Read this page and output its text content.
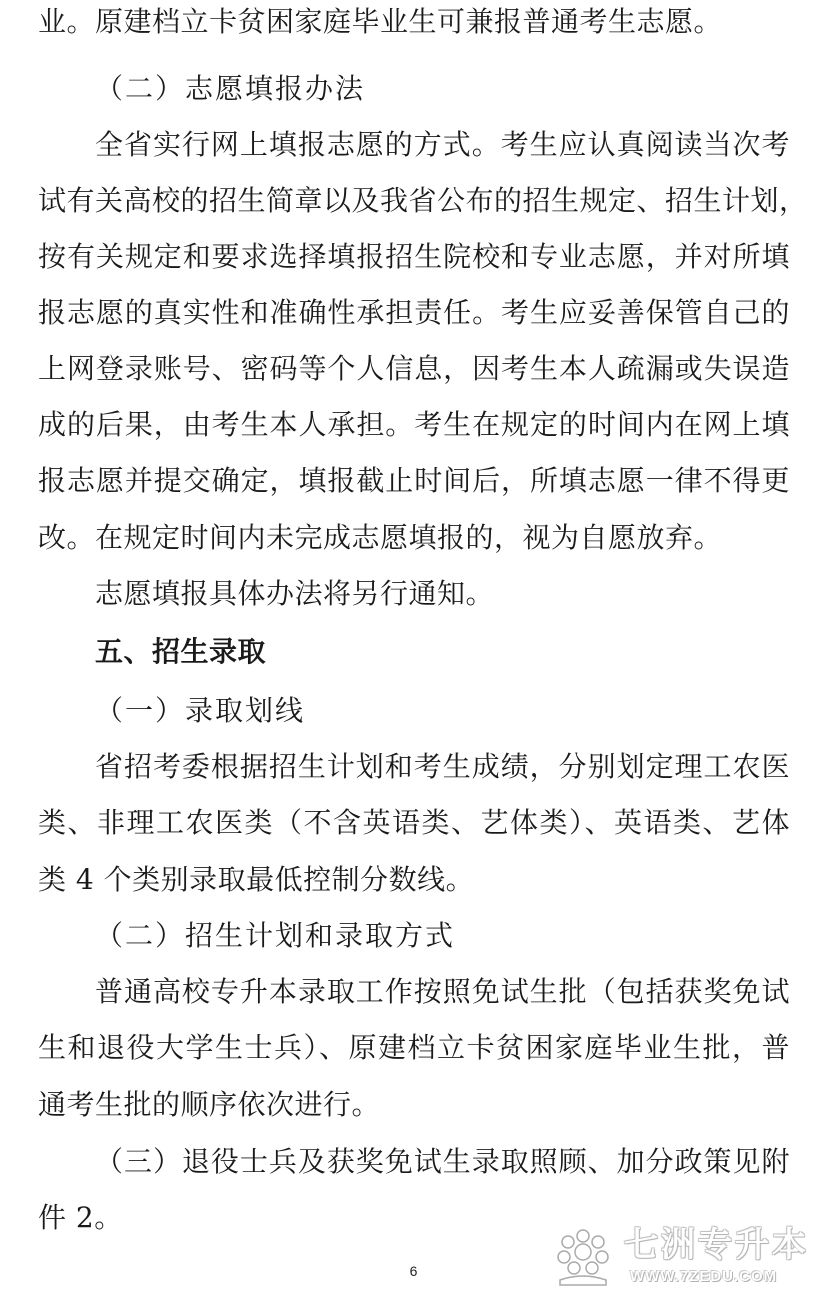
业。原建档立卡贫困家庭毕业生可兼报普通考生志愿。
（二）志愿填报办法
全省实行网上填报志愿的方式。考生应认真阅读当次考
试有关高校的招生简章以及我省公布的招生规定、招生计划，
按有关规定和要求选择填报招生院校和专业志愿，并对所填
报志愿的真实性和准确性承担责任。考生应妥善保管自己的
上网登录账号、密码等个人信息，因考生本人疏漏或失误造
成的后果，由考生本人承担。考生在规定的时间内在网上填
报志愿并提交确定，填报截止时间后，所填志愿一律不得更
改。在规定时间内未完成志愿填报的，视为自愿放弃。
志愿填报具体办法将另行通知。
五、招生录取
（一）录取划线
省招考委根据招生计划和考生成绩，分别划定理工农医
类、非理工农医类（不含英语类、艺体类）、英语类、艺体
类 4 个类别录取最低控制分数线。
（二）招生计划和录取方式
普通高校专升本录取工作按照免试生批（包括获奖免试
生和退役大学生士兵）、原建档立卡贫困家庭毕业生批，普
通考生批的顺序依次进行。
（三）退役士兵及获奖免试生录取照顾、加分政策见附
件 2。
6
七洲专升本
WWW.7ZEDU.COM
